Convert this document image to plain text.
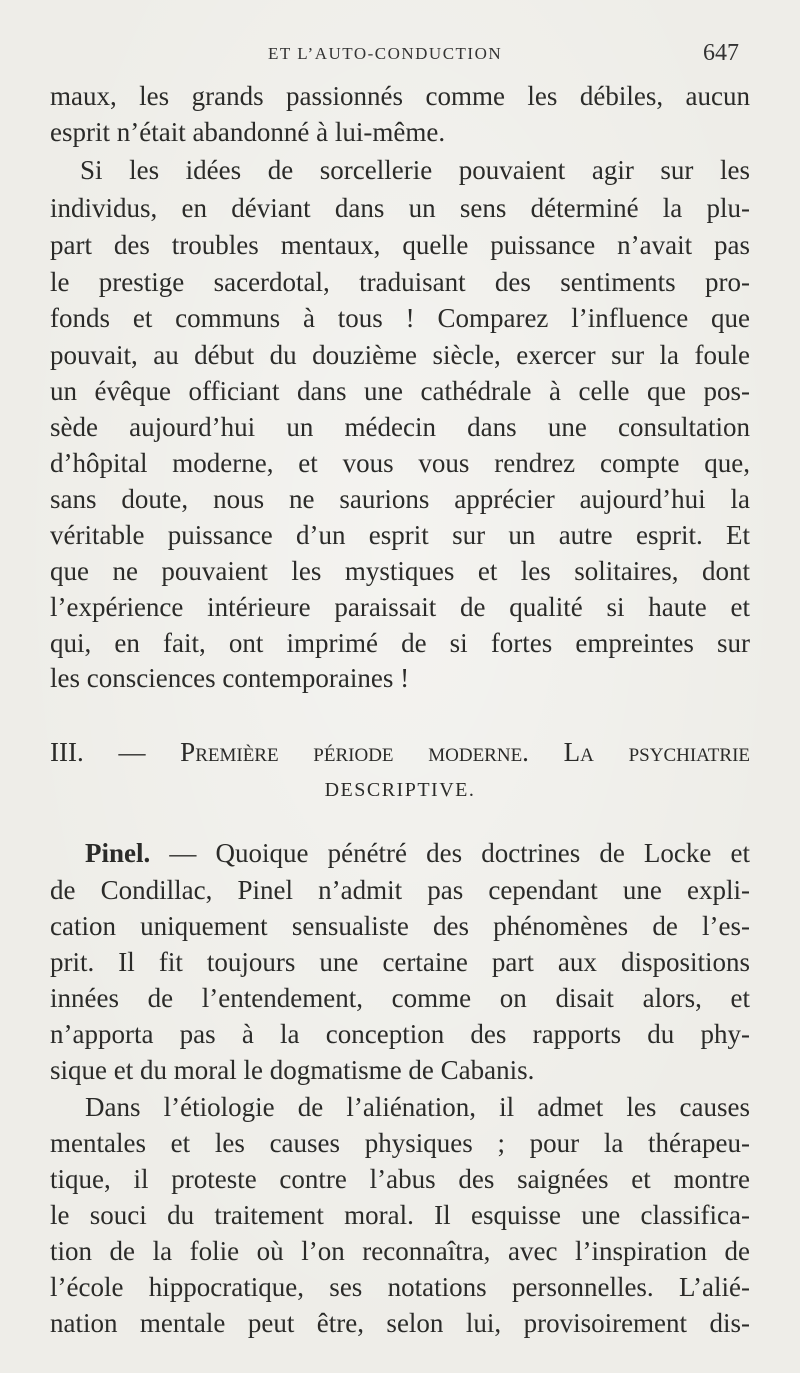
ET L’AUTO-CONDUCTION	647
maux, les grands passionnés comme les débiles, aucun
esprit n’était abandonné à lui-même.
Si les idées de sorcellerie pouvaient agir sur les
individus, en déviant dans un sens déterminé la plu-
part des troubles mentaux, quelle puissance n’avait pas
le prestige sacerdotal, traduisant des sentiments pro-
fonds et communs à tous ! Comparez l’influence que
pouvait, au début du douzième siècle, exercer sur la foule
un évêque officiant dans une cathédrale à celle que pos-
sède aujourd’hui un médecin dans une consultation
d’hôpital moderne, et vous vous rendrez compte que,
sans doute, nous ne saurions apprécier aujourd’hui la
véritable puissance d’un esprit sur un autre esprit. Et
que ne pouvaient les mystiques et les solitaires, dont
l’expérience intérieure paraissait de qualité si haute et
qui, en fait, ont imprimé de si fortes empreintes sur
les consciences contemporaines !
III. — Première période moderne. La psychiatrie
DESCRIPTIVE.
Pinel. — Quoique pénétré des doctrines de Locke et
de Condillac, Pinel n’admit pas cependant une expli-
cation uniquement sensualiste des phénomènes de l’es-
prit. Il fit toujours une certaine part aux dispositions
innées de l’entendement, comme on disait alors, et
n’apporta pas à la conception des rapports du phy-
sique et du moral le dogmatisme de Cabanis.
Dans l’étiologie de l’aliénation, il admet les causes
mentales et les causes physiques ; pour la thérapeu-
tique, il proteste contre l’abus des saignées et montre
le souci du traitement moral. Il esquisse une classifica-
tion de la folie où l’on reconnaîtra, avec l’inspiration de
l’école hippocratique, ses notations personnelles. L’alié-
nation mentale peut être, selon lui, provisoirement dis-
